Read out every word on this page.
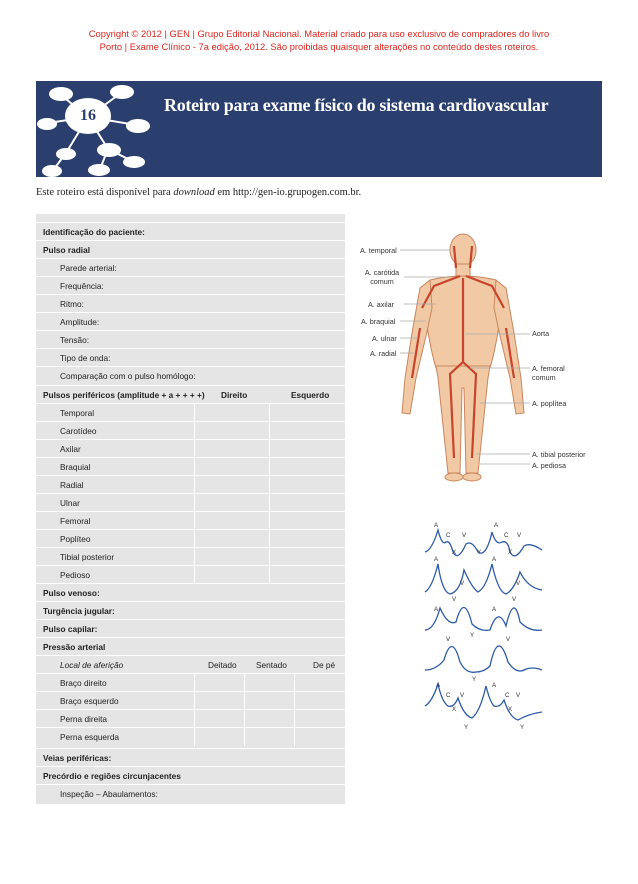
Copyright © 2012 | GEN | Grupo Editorial Nacional. Material criado para uso exclusivo de compradores do livro
Porto | Exame Clínico - 7a edição, 2012. São proibidas quaisquer alterações no conteúdo destes roteiros.
16
Roteiro para exame físico do sistema cardiovascular
Este roteiro está disponível para download em http://gen-io.grupogen.com.br.
Identificação do paciente:
Pulso radial
Parede arterial:
Frequência:
Ritmo:
Amplitude:
Tensão:
Tipo de onda:
Comparação com o pulso homólogo:
Pulsos periféricos (amplitude + a + + + +) Direito	Esquerdo
Temporal
Carotídeo
Axilar
Braquial
Radial
Ulnar
Femoral
Poplíteo
Tibial posterior
Pedioso
Pulso venoso:
Turgência jugular:
Pulso capilar:
Pressão arterial
Local de aferição	Deitado Sentado	De pé
Braço direito
Braço esquerdo
Perna direita
Perna esquerda
Veias periféricas:
Precórdio e regiões circunjacentes
Inspeção – Abaulamentos:
A. temporal
A. carótida comum
A. axilar
A. braquial
A. ulnar
A. radial
Aorta
A. femoral comum
A. poplítea
A. tibial posterior
A. pediosa
A
C V
X	Y
A
C V
X
A	A
V	V
V	V
A	A
V
Y
V
Y
A	A
C V	C V
X	X
Y	Y
